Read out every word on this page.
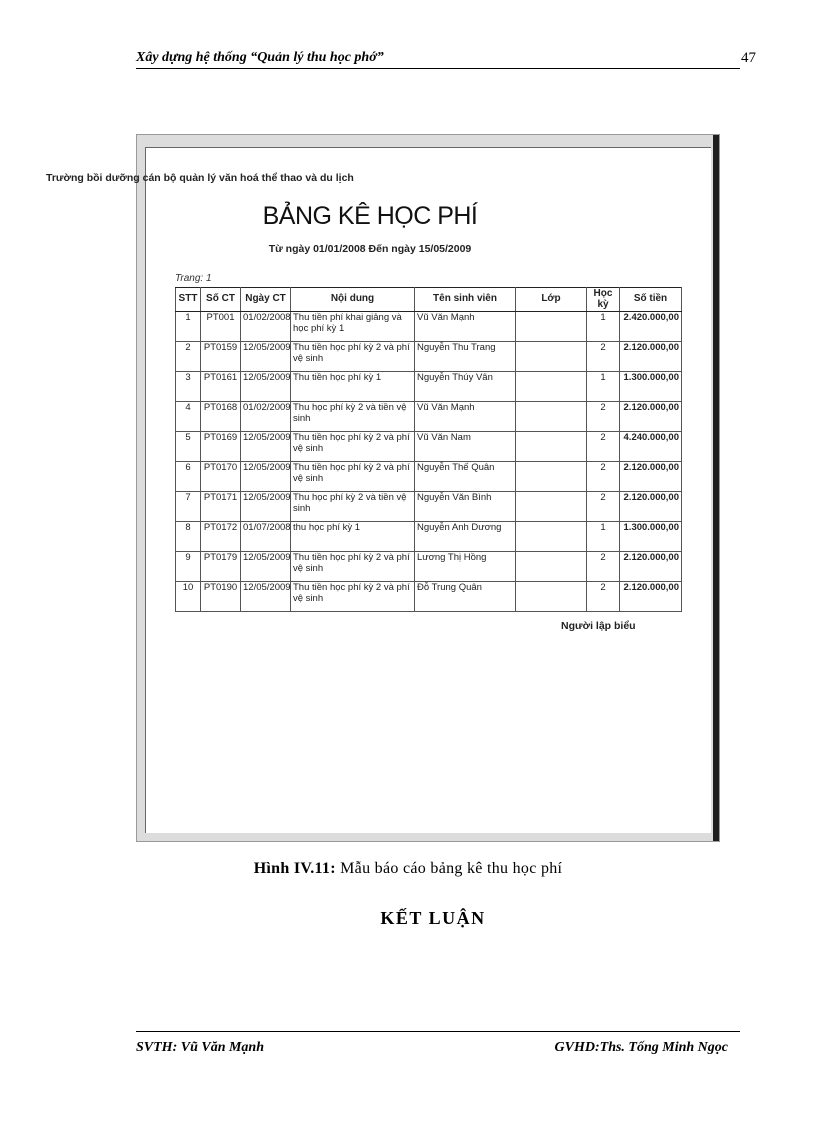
Xây dựng hệ thống “Quản lý thu học phớ”	47
Trường bồi dưỡng cán bộ quản lý văn hoá thể thao và du lịch
BẢNG KÊ HỌC PHÍ
Từ ngày 01/01/2008 Đến ngày 15/05/2009
Trang: 1
STT	Số CT	Ngày CT	Nội dung	Tên sinh viên	Lớp	Học kỳ	Số tiền
1	PT001	01/02/2008	Thu tiền phí khai giảng và học phí kỳ 1	Vũ Văn Mạnh		1	2.420.000,00
2	PT0159	12/05/2009	Thu tiền học phí kỳ 2 và phí vệ sinh	Nguyễn Thu Trang		2	2.120.000,00
3	PT0161	12/05/2009	Thu tiền học phí kỳ 1	Nguyễn Thúy Vân		1	1.300.000,00
4	PT0168	01/02/2009	Thu học phí kỳ 2 và tiền vệ sinh	Vũ Văn Mạnh		2	2.120.000,00
5	PT0169	12/05/2009	Thu tiền học phí kỳ 2 và phí vệ sinh	Vũ Văn Nam		2	4.240.000,00
6	PT0170	12/05/2009	Thu tiền học phí kỳ 2 và phí vệ sinh	Nguyễn Thế Quân		2	2.120.000,00
7	PT0171	12/05/2009	Thu học phí kỳ 2 và tiền vệ sinh	Nguyễn Văn Bình		2	2.120.000,00
8	PT0172	01/07/2008	thu học phí kỳ 1	Nguyễn Anh Dương		1	1.300.000,00
9	PT0179	12/05/2009	Thu tiền học phí kỳ 2 và phí vệ sinh	Lương Thị Hồng		2	2.120.000,00
10	PT0190	12/05/2009	Thu tiền học phí kỳ 2 và phí vệ sinh	Đỗ Trung Quân		2	2.120.000,00
Người lập biểu
Hình IV.11: Mẫu báo cáo bảng kê thu học phí
KẾT LUẬN
SVTH: Vũ Văn Mạnh	GVHD:Ths. Tống Minh Ngọc
